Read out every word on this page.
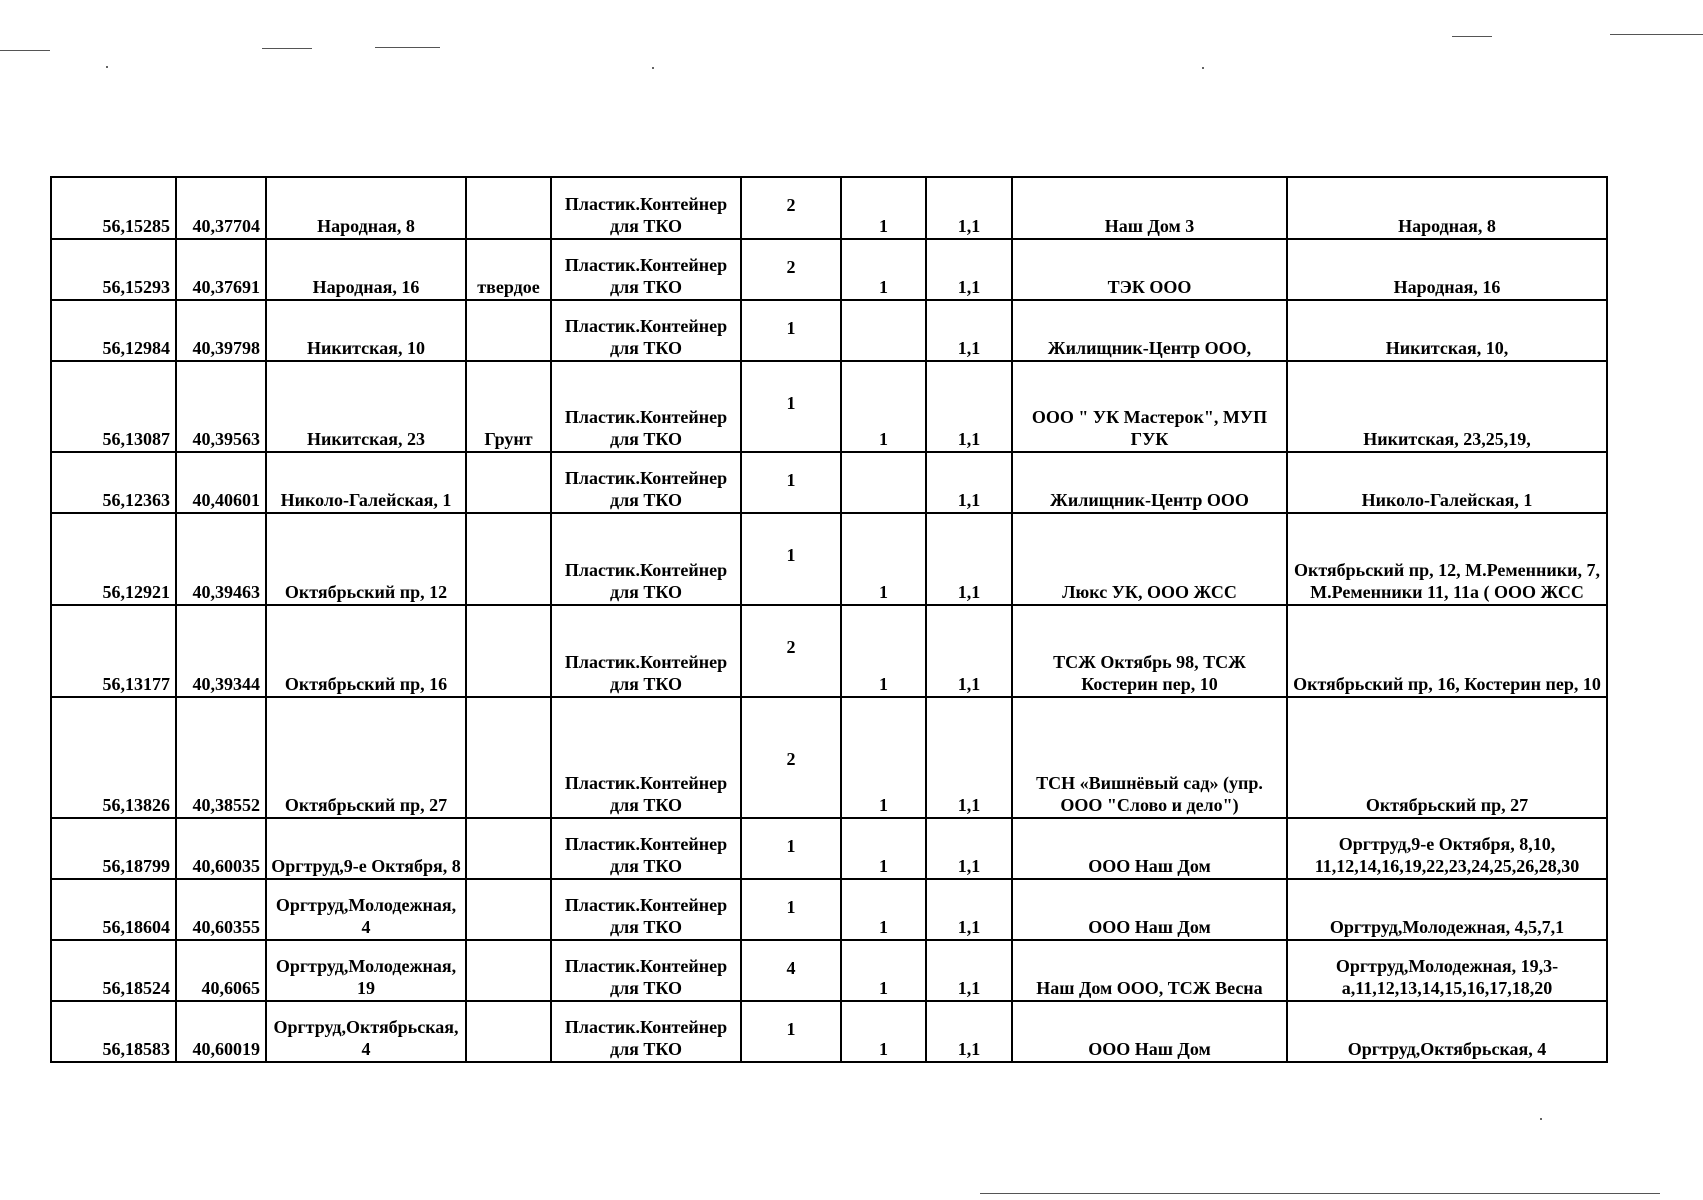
56,15285	40,37704	Народная, 8		Пластик.Контейнер для ТКО	2	1	1,1	Наш Дом 3	Народная, 8
56,15293	40,37691	Народная, 16	твердое	Пластик.Контейнер для ТКО	2	1	1,1	ТЭК ООО	Народная, 16
56,12984	40,39798	Никитская, 10		Пластик.Контейнер для ТКО	1		1,1	Жилищник-Центр ООО,	Никитская, 10,
56,13087	40,39563	Никитская, 23	Грунт	Пластик.Контейнер для ТКО	1	1	1,1	ООО " УК Мастерок", МУП ГУК	Никитская, 23,25,19,
56,12363	40,40601	Николо-Галейская, 1		Пластик.Контейнер для ТКО	1		1,1	Жилищник-Центр ООО	Николо-Галейская, 1
56,12921	40,39463	Октябрьский пр, 12		Пластик.Контейнер для ТКО	1	1	1,1	Люкс УК, ООО ЖСС	Октябрьский пр, 12, М.Ременники, 7, М.Ременники 11, 11а ( ООО ЖСС
56,13177	40,39344	Октябрьский пр, 16		Пластик.Контейнер для ТКО	2	1	1,1	ТСЖ Октябрь 98, ТСЖ Костерин пер, 10	Октябрьский пр, 16, Костерин пер, 10
56,13826	40,38552	Октябрьский пр, 27		Пластик.Контейнер для ТКО	2	1	1,1	ТСН «Вишнёвый сад» (упр. ООО "Слово и дело")	Октябрьский пр, 27
56,18799	40,60035	Оргтруд,9-е Октября, 8		Пластик.Контейнер для ТКО	1	1	1,1	ООО Наш Дом	Оргтруд,9-е Октября, 8,10, 11,12,14,16,19,22,23,24,25,26,28,30
56,18604	40,60355	Оргтруд,Молодежная, 4		Пластик.Контейнер для ТКО	1	1	1,1	ООО Наш Дом	Оргтруд,Молодежная, 4,5,7,1
56,18524	40,6065	Оргтруд,Молодежная, 19		Пластик.Контейнер для ТКО	4	1	1,1	Наш Дом ООО, ТСЖ Весна	Оргтруд,Молодежная, 19,3-а,11,12,13,14,15,16,17,18,20
56,18583	40,60019	Оргтруд,Октябрьская, 4		Пластик.Контейнер для ТКО	1	1	1,1	ООО Наш Дом	Оргтруд,Октябрьская, 4
